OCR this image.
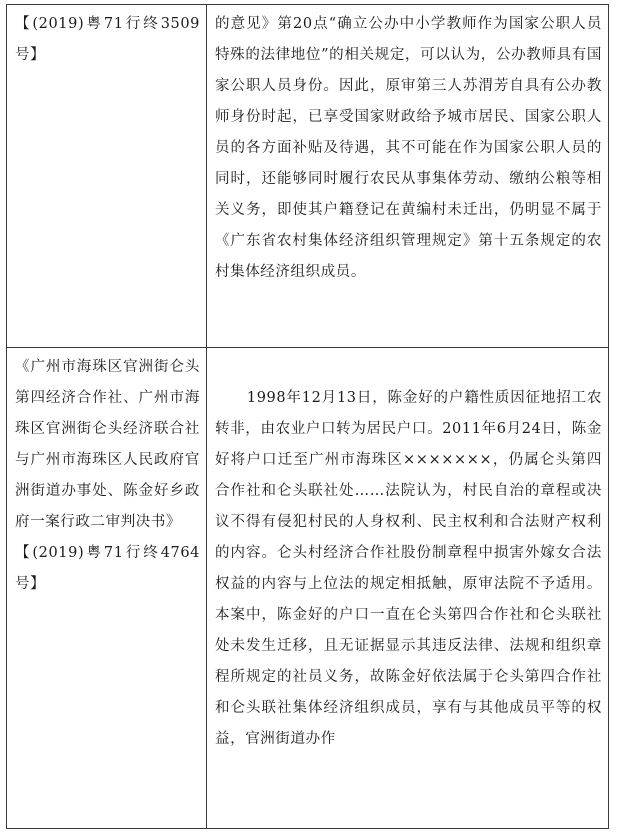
【(2019)粤71行终3509号】	的意见》第20点“确立公办中小学教师作为国家公职人员特殊的法律地位”的相关规定，可以认为，公办教师具有国家公职人员身份。因此，原审第三人苏渭芳自具有公办教师身份时起，已享受国家财政给予城市居民、国家公职人员的各方面补贴及待遇，其不可能在作为国家公职人员的同时，还能够同时履行农民从事集体劳动、缴纳公粮等相关义务，即使其户籍登记在黄编村未迁出，仍明显不属于《广东省农村集体经济组织管理规定》第十五条规定的农村集体经济组织成员。

《广州市海珠区官洲街仑头第四经济合作社、广州市海珠区官洲街仑头经济联合社与广州市海珠区人民政府官洲街道办事处、陈金好乡政府一案行政二审判决书》
【(2019)粤71行终4764号】	1998年12月13日，陈金好的户籍性质因征地招工农转非，由农业户口转为居民户口。2011年6月24日，陈金好将户口迁至广州市海珠区×××××××，仍属仑头第四合作社和仑头联社处……法院认为，村民自治的章程或决议不得有侵犯村民的人身权利、民主权利和合法财产权利的内容。仑头村经济合作社股份制章程中损害外嫁女合法权益的内容与上位法的规定相抵触，原审法院不予适用。本案中，陈金好的户口一直在仑头第四合作社和仑头联社处未发生迁移，且无证据显示其违反法律、法规和组织章程所规定的社员义务，故陈金好依法属于仑头第四合作社和仑头联社集体经济组织成员，享有与其他成员平等的权益，官洲街道办作
